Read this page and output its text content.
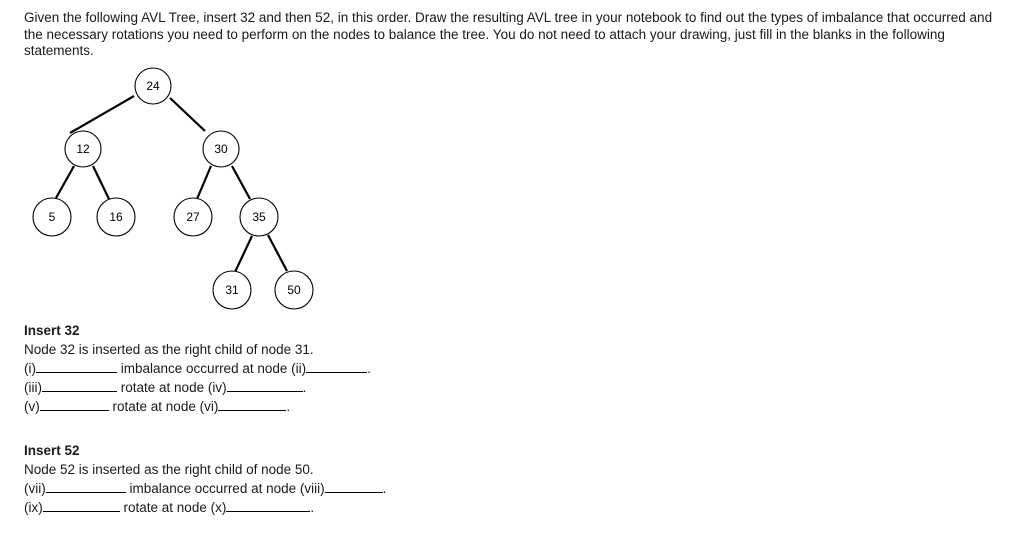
Given the following AVL Tree, insert 32 and then 52, in this order. Draw the resulting AVL tree in your notebook to find out the types of imbalance that occurred and the necessary rotations you need to perform on the nodes to balance the tree. You do not need to attach your drawing, just fill in the blanks in the following statements.
24
12	30
5	16	27	35
31	50
Insert 32
Node 32 is inserted as the right child of node 31.
(i)	imbalance occurred at node (ii)	.
(iii)	rotate at node (iv)	.
(v)	rotate at node (vi)	.
Insert 52
Node 52 is inserted as the right child of node 50.
(vii)	imbalance occurred at node (viii)	.
(ix)	rotate at node (x)	.
